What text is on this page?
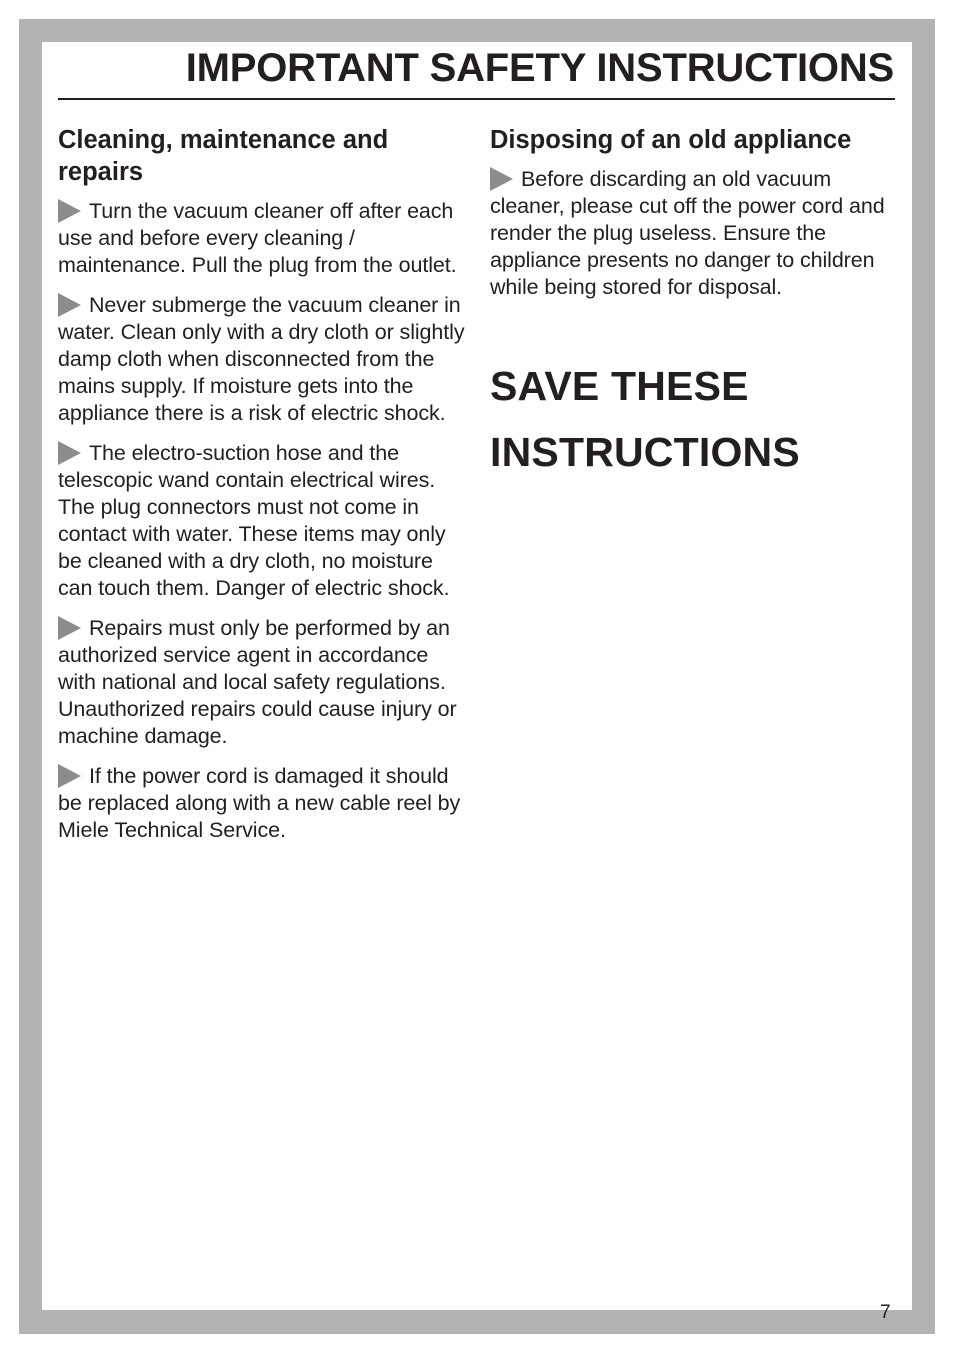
IMPORTANT SAFETY INSTRUCTIONS
Cleaning, maintenance and repairs

Turn the vacuum cleaner off after each use and before every cleaning / maintenance. Pull the plug from the outlet.

Never submerge the vacuum cleaner in water. Clean only with a dry cloth or slightly damp cloth when disconnected from the mains supply. If moisture gets into the appliance there is a risk of electric shock.

The electro-suction hose and the telescopic wand contain electrical wires. The plug connectors must not come in contact with water. These items may only be cleaned with a dry cloth, no moisture can touch them. Danger of electric shock.

Repairs must only be performed by an authorized service agent in accordance with national and local safety regulations. Unauthorized repairs could cause injury or machine damage.

If the power cord is damaged it should be replaced along with a new cable reel by Miele Technical Service.

Disposing of an old appliance

Before discarding an old vacuum cleaner, please cut off the power cord and render the plug useless. Ensure the appliance presents no danger to children while being stored for disposal.

SAVE THESE
INSTRUCTIONS
7
